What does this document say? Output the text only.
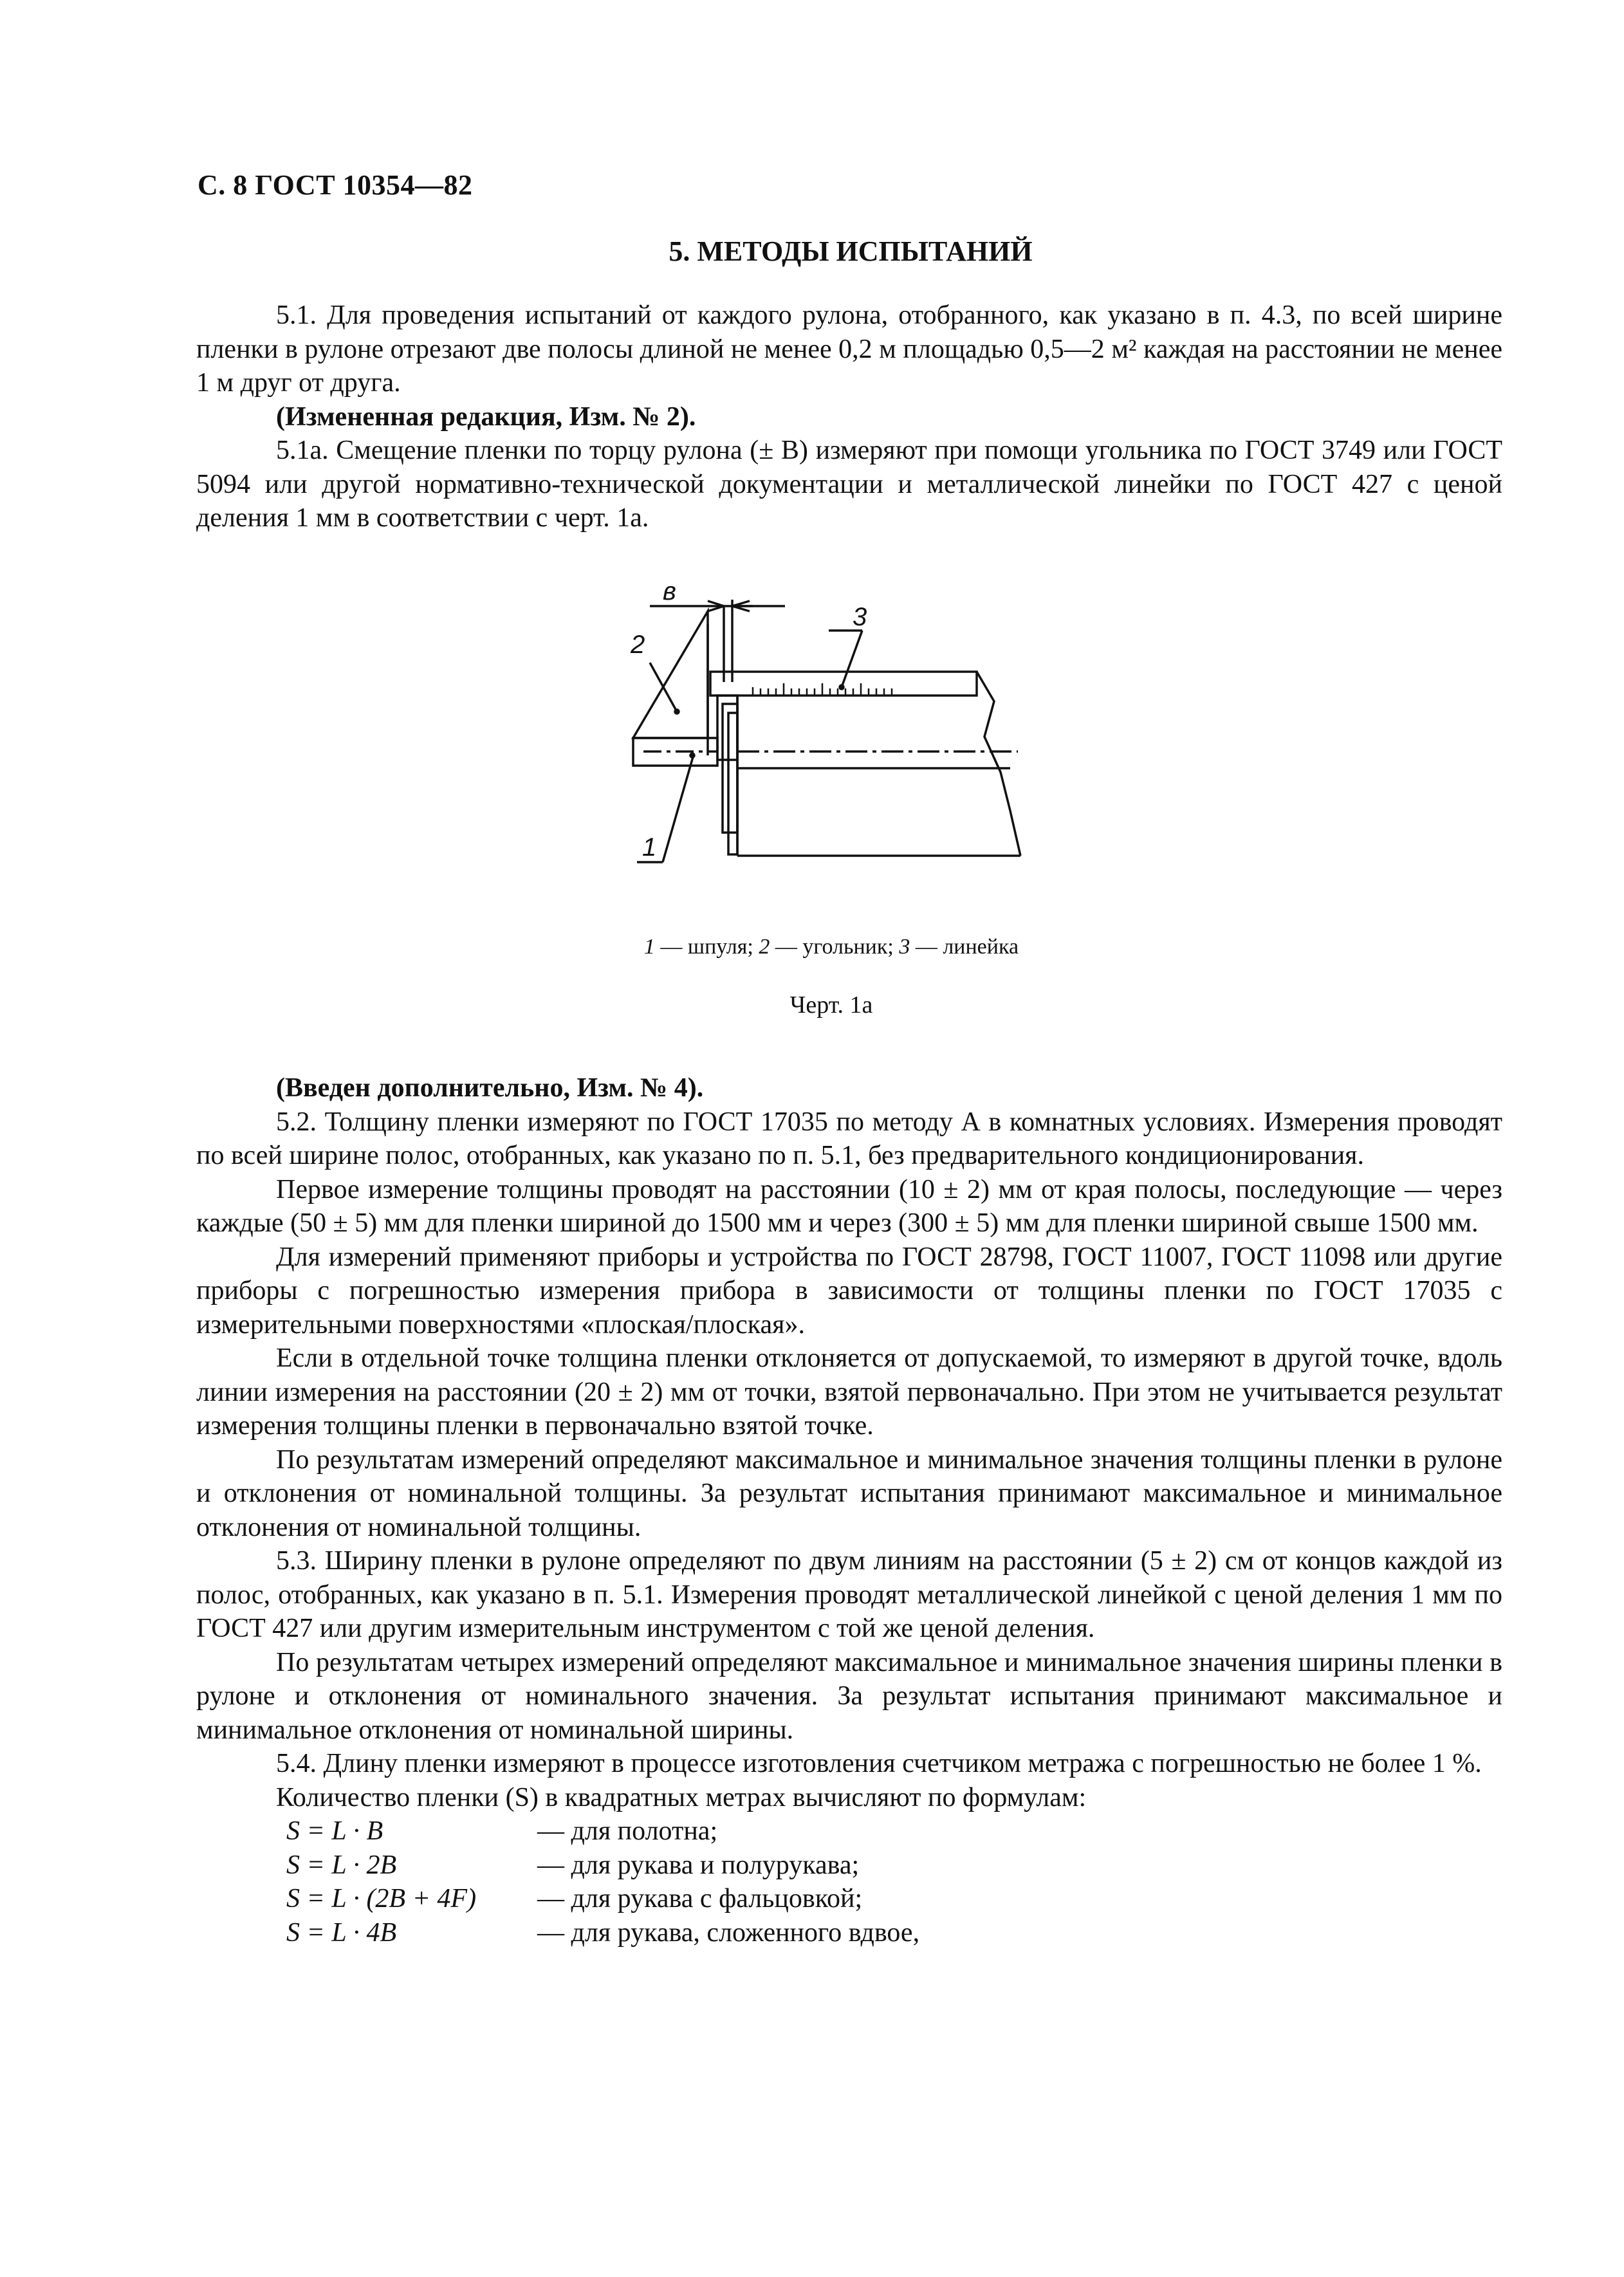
С. 8 ГОСТ 10354—82
5. МЕТОДЫ ИСПЫТАНИЙ

5.1. Для проведения испытаний от каждого рулона, отобранного, как указано в п. 4.3, по всей ширине пленки в рулоне отрезают две полосы длиной не менее 0,2 м площадью 0,5—2 м² каждая на расстоянии не менее 1 м друг от друга.

(Измененная редакция, Изм. № 2).

5.1а. Смещение пленки по торцу рулона (± В) измеряют при помощи угольника по ГОСТ 3749 или ГОСТ 5094 или другой нормативно-технической документации и металлической линейки по ГОСТ 427 с ценой деления 1 мм в соответствии с черт. 1а.

в
3
2
1
1 — шпуля; 2 — угольник; 3 — линейка
Черт. 1а

(Введен дополнительно, Изм. № 4).

5.2. Толщину пленки измеряют по ГОСТ 17035 по методу А в комнатных условиях. Измерения проводят по всей ширине полос, отобранных, как указано по п. 5.1, без предварительного кондиционирования.

Первое измерение толщины проводят на расстоянии (10 ± 2) мм от края полосы, последующие — через каждые (50 ± 5) мм для пленки шириной до 1500 мм и через (300 ± 5) мм для пленки шириной свыше 1500 мм.

Для измерений применяют приборы и устройства по ГОСТ 28798, ГОСТ 11007, ГОСТ 11098 или другие приборы с погрешностью измерения прибора в зависимости от толщины пленки по ГОСТ 17035 с измерительными поверхностями «плоская/плоская».

Если в отдельной точке толщина пленки отклоняется от допускаемой, то измеряют в другой точке, вдоль линии измерения на расстоянии (20 ± 2) мм от точки, взятой первоначально. При этом не учитывается результат измерения толщины пленки в первоначально взятой точке.

По результатам измерений определяют максимальное и минимальное значения толщины пленки в рулоне и отклонения от номинальной толщины. За результат испытания принимают максимальное и минимальное отклонения от номинальной толщины.

5.3. Ширину пленки в рулоне определяют по двум линиям на расстоянии (5 ± 2) см от концов каждой из полос, отобранных, как указано в п. 5.1. Измерения проводят металлической линейкой с ценой деления 1 мм по ГОСТ 427 или другим измерительным инструментом с той же ценой деления.

По результатам четырех измерений определяют максимальное и минимальное значения ширины пленки в рулоне и отклонения от номинального значения. За результат испытания принимают максимальное и минимальное отклонения от номинальной ширины.

5.4. Длину пленки измеряют в процессе изготовления счетчиком метража с погрешностью не более 1 %.

Количество пленки (S) в квадратных метрах вычисляют по формулам:

S = L · B	— для полотна;
S = L · 2B	— для рукава и полурукава;
S = L · (2B + 4F)	— для рукава с фальцовкой;
S = L · 4B	— для рукава, сложенного вдвое,
